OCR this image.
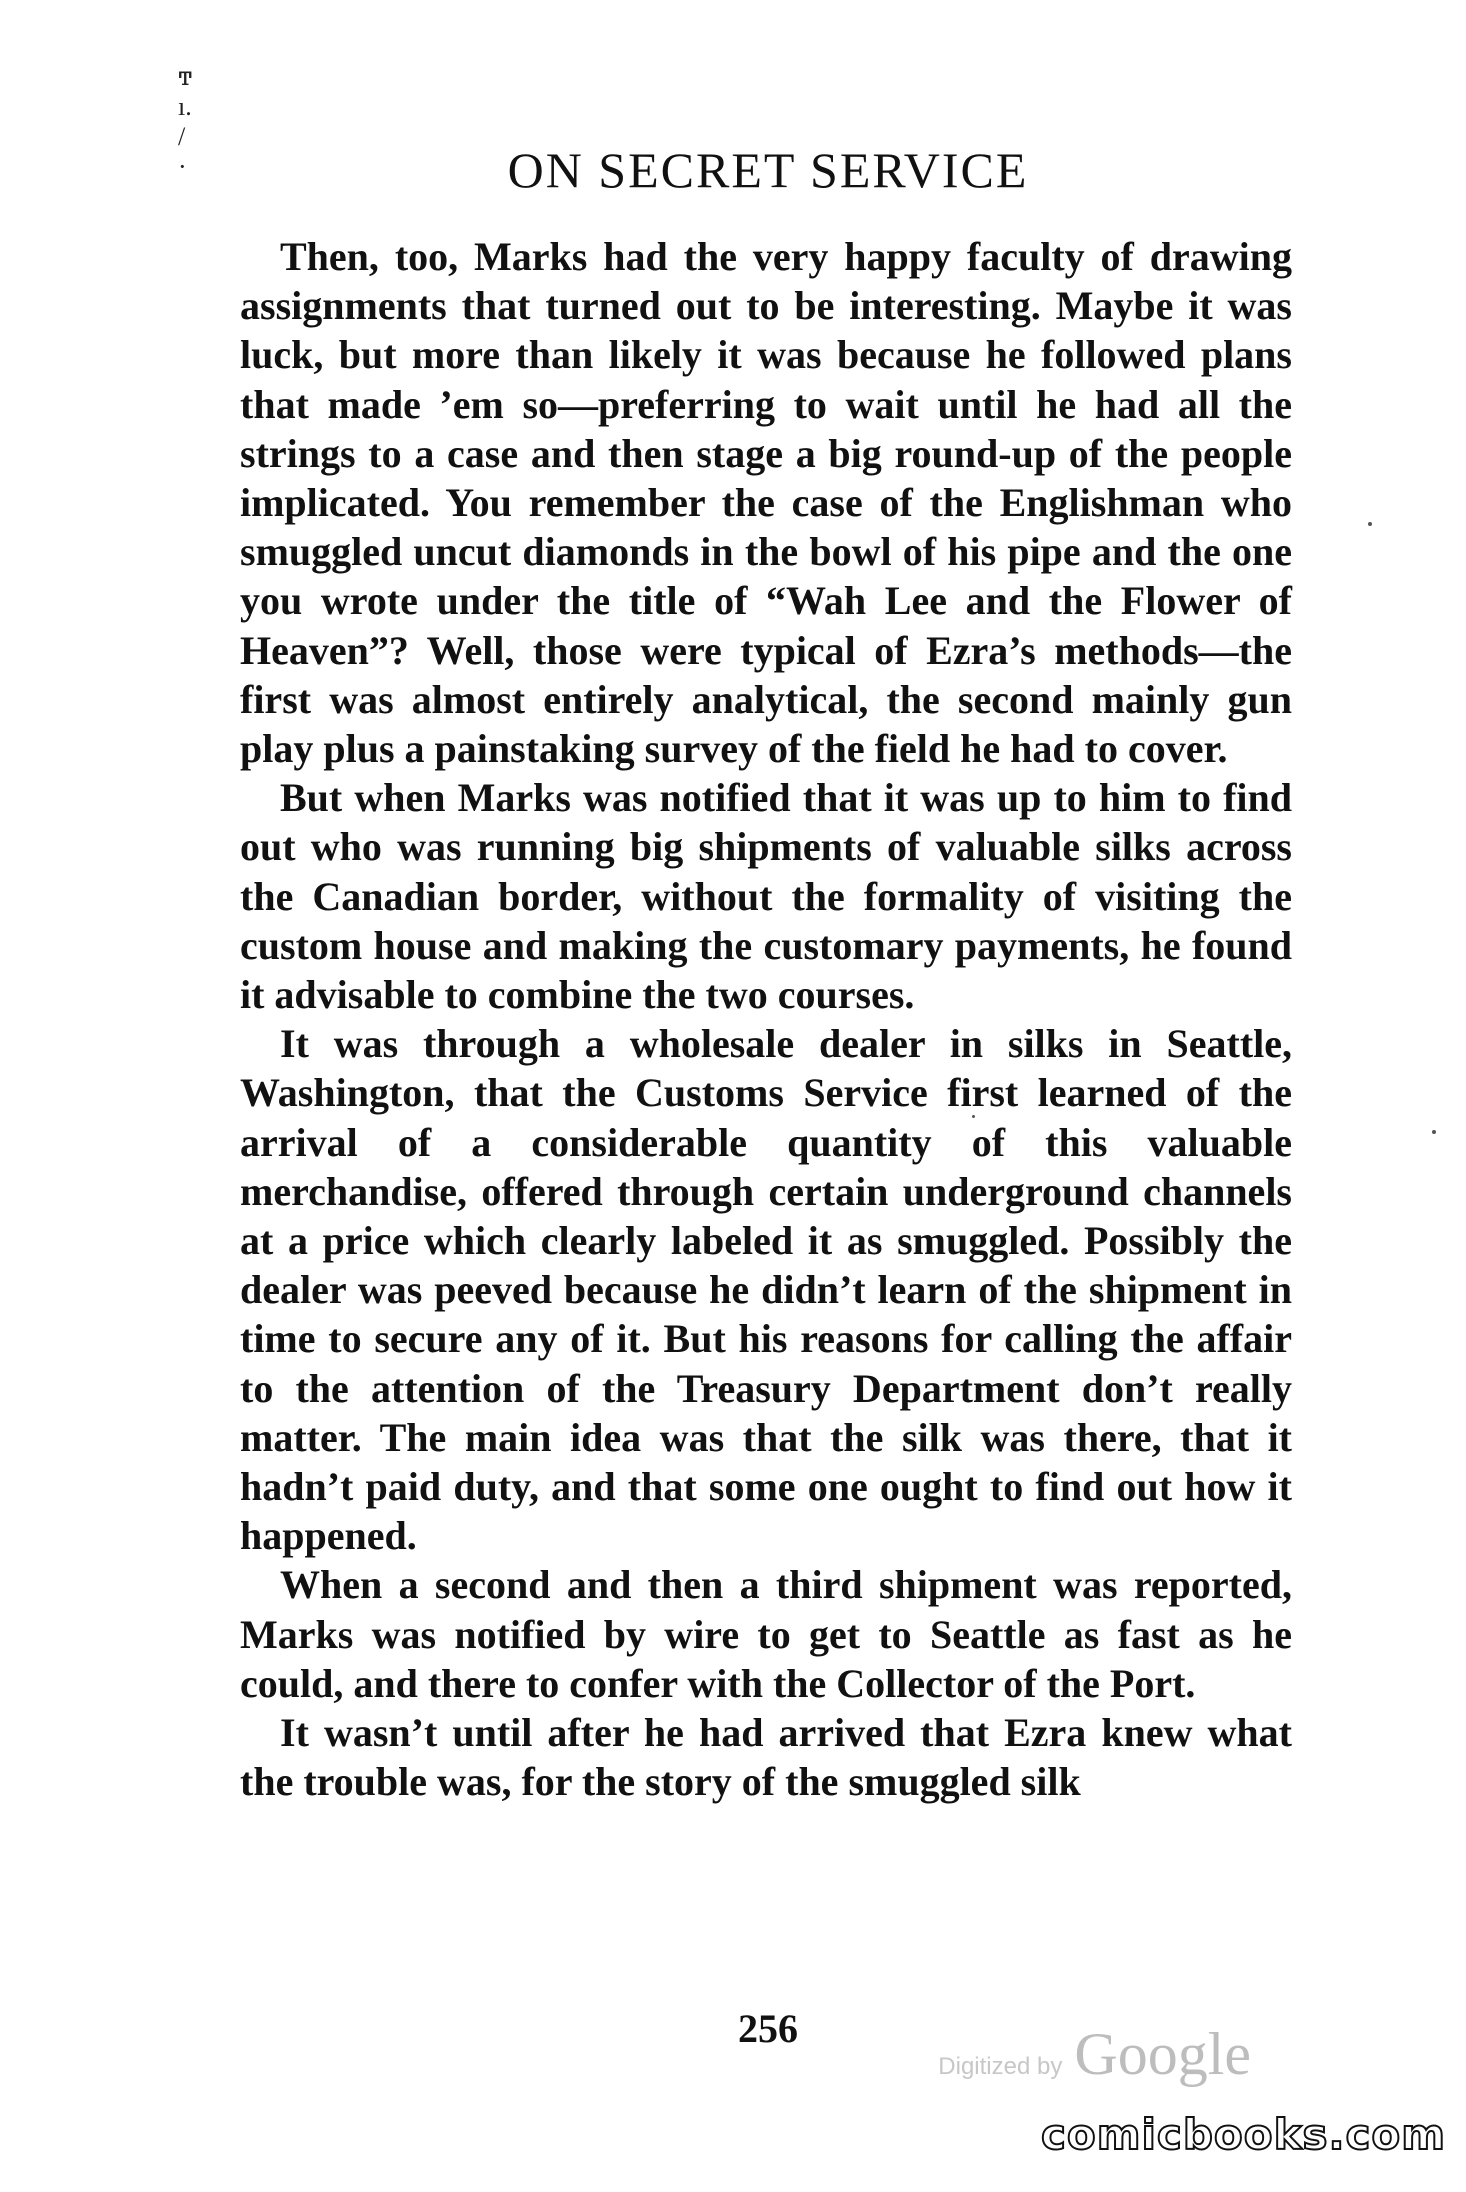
ͳ
ı.
/
·	ON SECRET SERVICE

Then, too, Marks had the very happy faculty of drawing assignments that turned out to be interesting. Maybe it was luck, but more than likely it was because he followed plans that made ’em so—preferring to wait until he had all the strings to a case and then stage a big round-up of the people implicated. You remember the case of the Englishman who smuggled uncut diamonds in the bowl of his pipe and the one you wrote under the title of “Wah Lee and the Flower of Heaven”? Well, those were typical of Ezra’s methods—the first was almost entirely analytical, the second mainly gun play plus a painstaking survey of the field he had to cover.

But when Marks was notified that it was up to him to find out who was running big shipments of valuable silks across the Canadian border, without the formality of visiting the custom house and making the customary payments, he found it advisable to combine the two courses.

It was through a wholesale dealer in silks in Seattle, Washington, that the Customs Service first learned of the arrival of a considerable quantity of this valuable merchandise, offered through certain underground channels at a price which clearly labeled it as smuggled. Possibly the dealer was peeved because he didn’t learn of the shipment in time to secure any of it. But his reasons for calling the affair to the attention of the Treasury Department don’t really matter. The main idea was that the silk was there, that it hadn’t paid duty, and that some one ought to find out how it happened.

When a second and then a third shipment was reported, Marks was notified by wire to get to Seattle as fast as he could, and there to confer with the Collector of the Port.

It wasn’t until after he had arrived that Ezra knew what the trouble was, for the story of the smuggled silk

256
Digitized by Google
comicbooks.com
